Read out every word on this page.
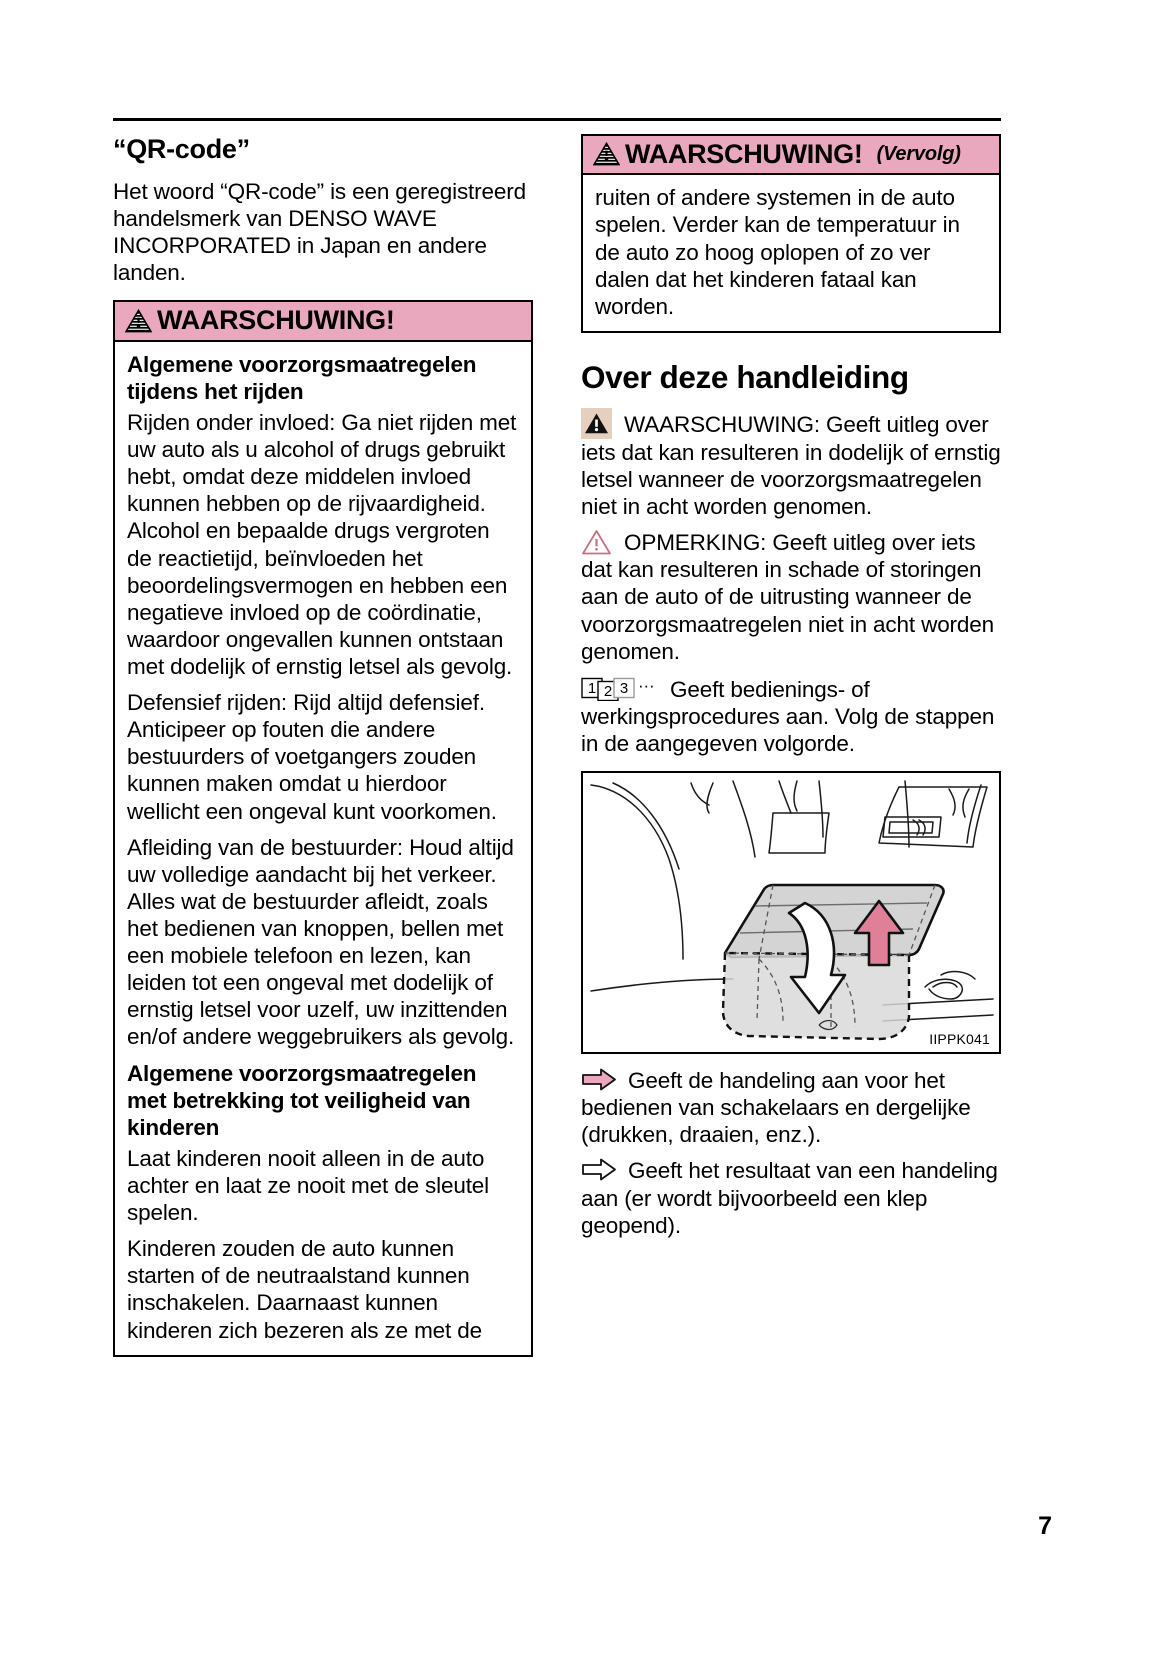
“QR-code”

Het woord “QR-code” is een geregistreerd handelsmerk van DENSO WAVE INCORPORATED in Japan en andere landen.

WAARSCHUWING!

Algemene voorzorgsmaatregelen tijdens het rijden

Rijden onder invloed: Ga niet rijden met uw auto als u alcohol of drugs gebruikt hebt, omdat deze middelen invloed kunnen hebben op de rijvaardigheid. Alcohol en bepaalde drugs vergroten de reactietijd, beïnvloeden het beoordelingsvermogen en hebben een negatieve invloed op de coördinatie, waardoor ongevallen kunnen ontstaan met dodelijk of ernstig letsel als gevolg.

Defensief rijden: Rijd altijd defensief. Anticipeer op fouten die andere bestuurders of voetgangers zouden kunnen maken omdat u hierdoor wellicht een ongeval kunt voorkomen.

Afleiding van de bestuurder: Houd altijd uw volledige aandacht bij het verkeer. Alles wat de bestuurder afleidt, zoals het bedienen van knoppen, bellen met een mobiele telefoon en lezen, kan leiden tot een ongeval met dodelijk of ernstig letsel voor uzelf, uw inzittenden en/of andere weggebruikers als gevolg.

Algemene voorzorgsmaatregelen met betrekking tot veiligheid van kinderen

Laat kinderen nooit alleen in de auto achter en laat ze nooit met de sleutel spelen.

Kinderen zouden de auto kunnen starten of de neutraalstand kunnen inschakelen. Daarnaast kunnen kinderen zich bezeren als ze met de

WAARSCHUWING! (Vervolg)

ruiten of andere systemen in de auto spelen. Verder kan de temperatuur in de auto zo hoog oplopen of zo ver dalen dat het kinderen fataal kan worden.

Over deze handleiding

WAARSCHUWING: Geeft uitleg over iets dat kan resulteren in dodelijk of ernstig letsel wanneer de voorzorgsmaatregelen niet in acht worden genomen.

OPMERKING: Geeft uitleg over iets dat kan resulteren in schade of storingen aan de auto of de uitrusting wanneer de voorzorgsmaatregelen niet in acht worden genomen.

1 2 3 ··· Geeft bedienings- of werkingsprocedures aan. Volg de stappen in de aangegeven volgorde.

IIPPK041

Geeft de handeling aan voor het bedienen van schakelaars en dergelijke (drukken, draaien, enz.).

Geeft het resultaat van een handeling aan (er wordt bijvoorbeeld een klep geopend).

7
